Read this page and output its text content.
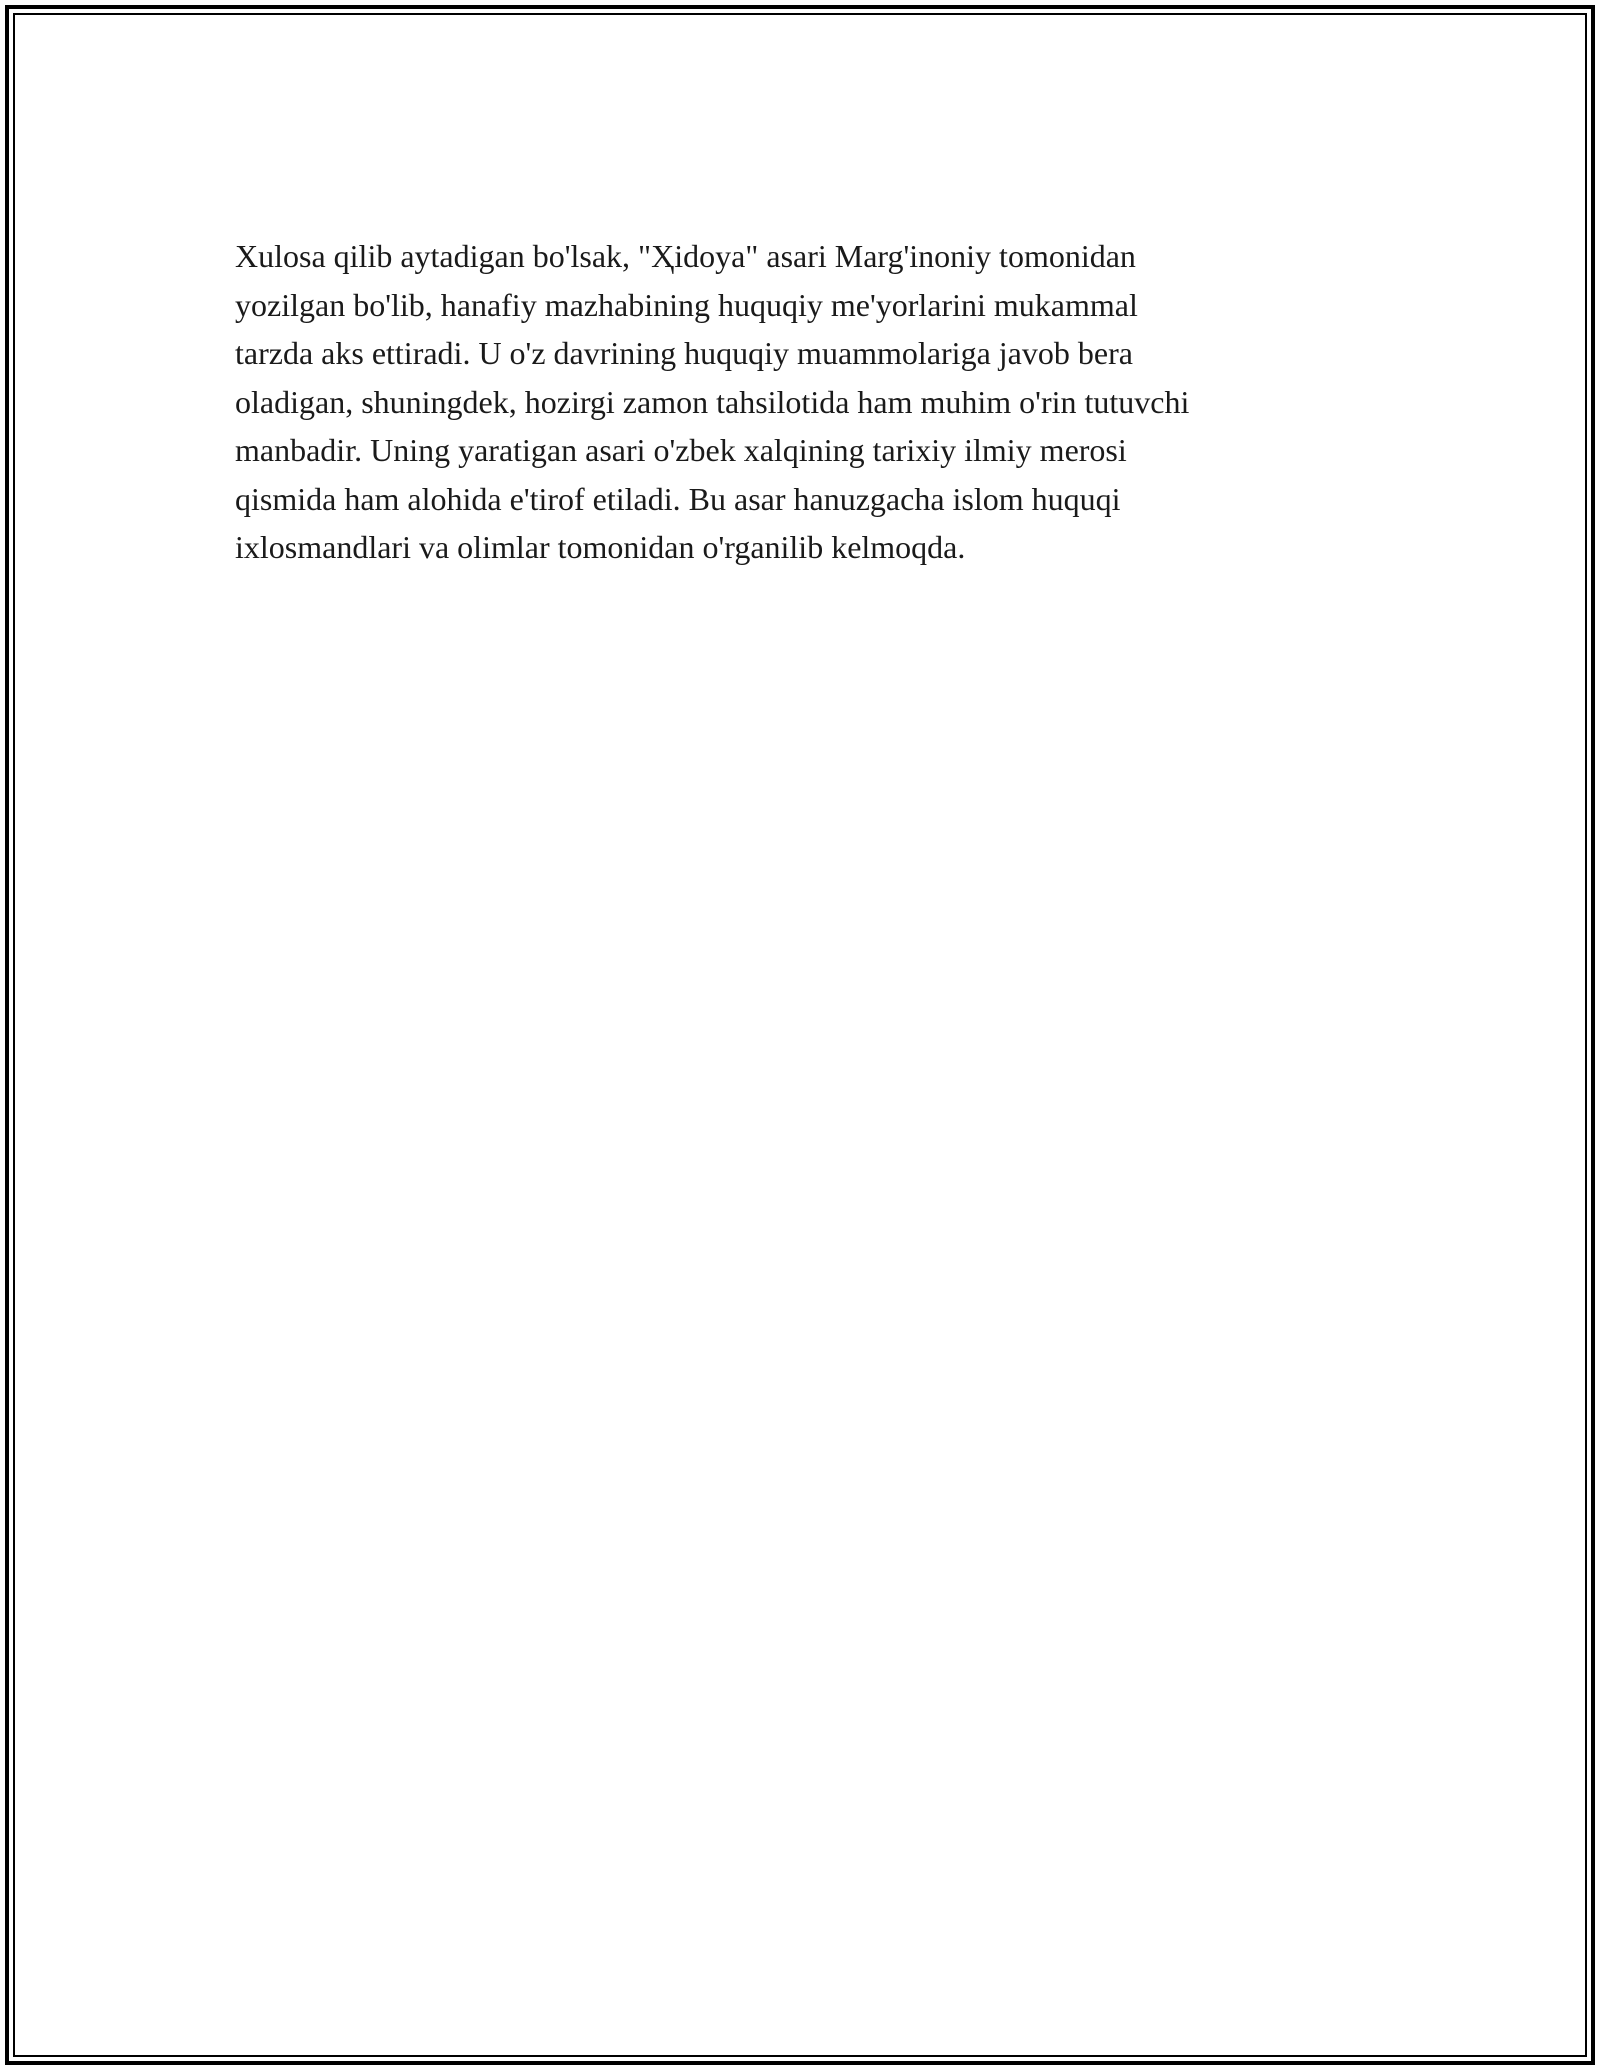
Xulosa qilib aytadigan bo'lsak, "Ҳidoya" asari Marg'inoniy tomonidan
yozilgan bo'lib, hanafiy mazhabining huquqiy me'yorlarini mukammal
tarzda aks ettiradi. U o'z davrining huquqiy muammolariga javob bera
oladigan, shuningdek, hozirgi zamon tahsilotida ham muhim o'rin tutuvchi
manbadir. Uning yaratigan asari o'zbek xalqining tarixiy ilmiy merosi
qismida ham alohida e'tirof etiladi. Bu asar hanuzgacha islom huquqi
ixlosmandlari va olimlar tomonidan o'rganilib kelmoqda.
